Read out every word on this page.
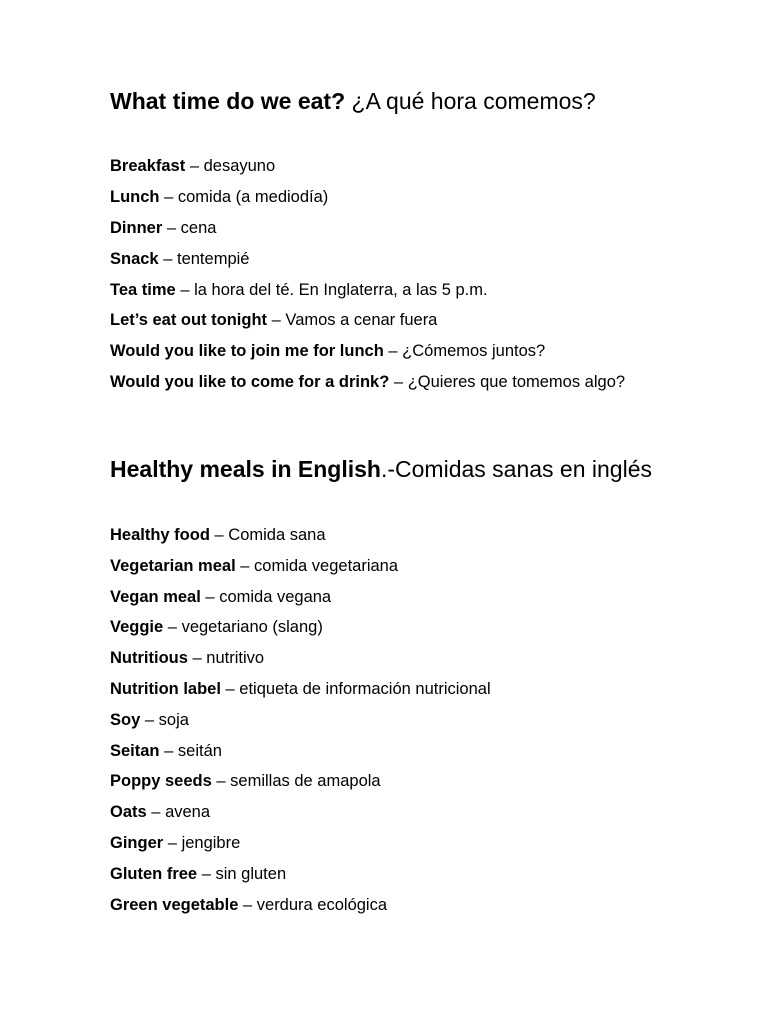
What time do we eat? ¿A qué hora comemos?
Breakfast – desayuno
Lunch – comida (a mediodía)
Dinner – cena
Snack – tentempié
Tea time – la hora del té. En Inglaterra, a las 5 p.m.
Let’s eat out tonight – Vamos a cenar fuera
Would you like to join me for lunch – ¿Cómemos juntos?
Would you like to come for a drink? – ¿Quieres que tomemos algo?
Healthy meals in English.-Comidas sanas en inglés
Healthy food – Comida sana
Vegetarian meal – comida vegetariana
Vegan meal – comida vegana
Veggie – vegetariano (slang)
Nutritious – nutritivo
Nutrition label – etiqueta de información nutricional
Soy – soja
Seitan – seitán
Poppy seeds – semillas de amapola
Oats – avena
Ginger – jengibre
Gluten free – sin gluten
Green vegetable – verdura ecológica
